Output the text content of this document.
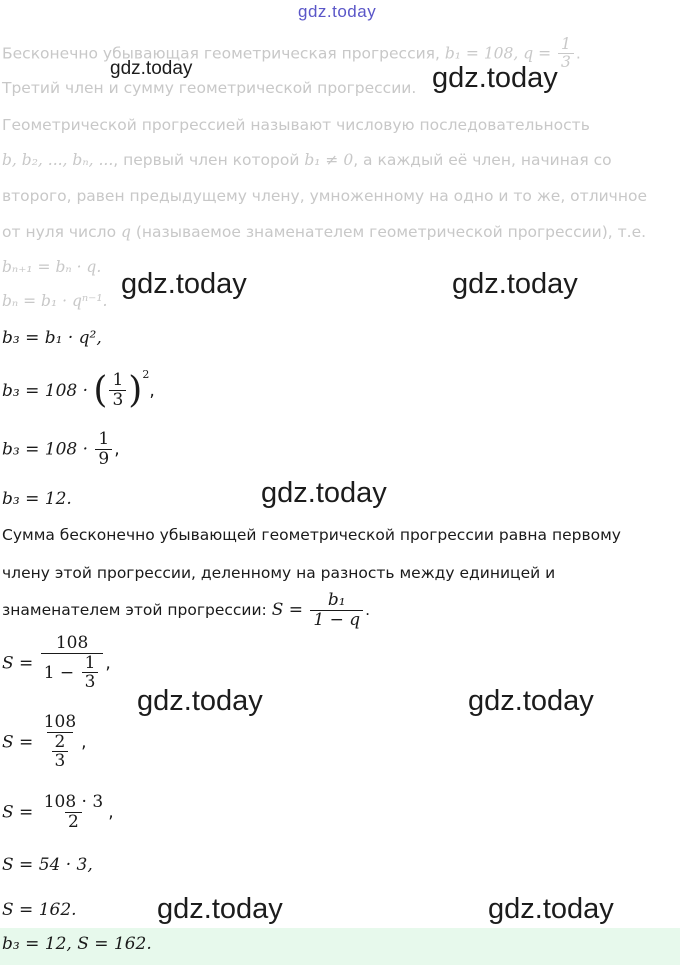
gdz.today
Бесконечно убывающая геометрическая прогрессия, b₁ = 108, $q = \frac{1}{3}$ .
Третий член и сумму геометрической прогрессии.
Геометрической прогрессией называют числовую последовательность
b, b₂, ..., bₙ, ..., первый член которой b₁ ≠ 0, а каждый её член, начиная со
второго, равен предыдущему члену, умноженному на одно и то же, отличное
от нуля число q (называемое знаменателем геометрической прогрессии), т.е.
bₙ₊₁ = bₙ · q.
bₙ = b₁ · qⁿ⁻¹.
b₃ = b₁ · q²,
b₃ = 108 · ( $\frac{1}{3} )^2$,
$b_3 = 108 \cdot \frac{1}{9}$ ,
b₃ = 12.
Сумма бесконечно убывающей геометрической прогрессии равна первому
члену этой прогрессии, деленному на разность между единицей и
знаменателем этой прогрессии: $S = \frac{\text{b₁}}{1 - q}$ .
$S = \frac{108}{1 - \frac{1}{3}}$ ,
$S = \frac{108}{\frac{2}{3}}$ ,
$S = \frac{108 \cdot 3}{2}$ ,
S = 54 · 3,
S = 162.
b₃ = 12, S = 162.
gdz.today	gdz.today
gdz.today	gdz.today
gdz.today
gdz.today	gdz.today
gdz.today	gdz.today
